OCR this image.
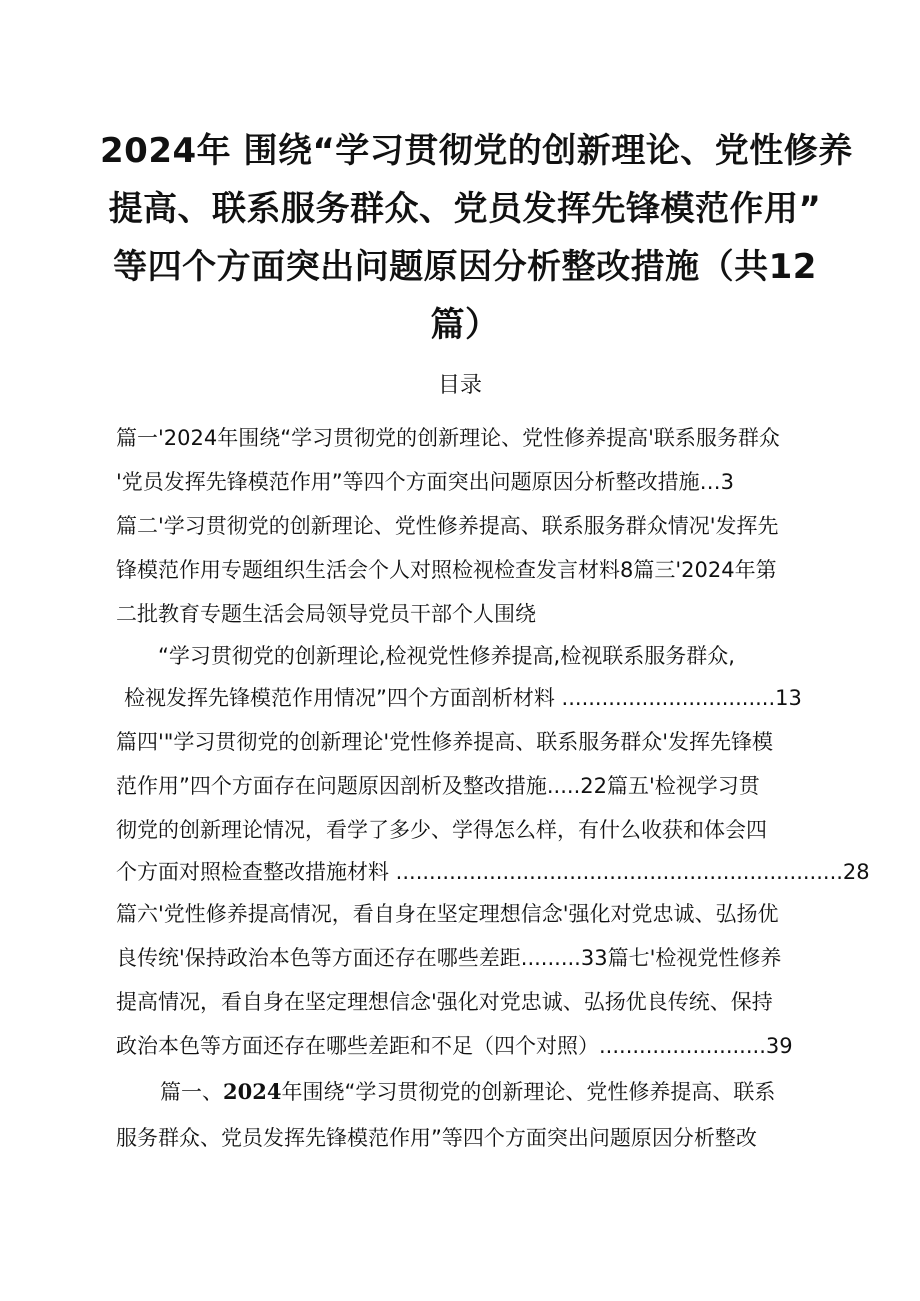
2024年 围绕“学习贯彻党的创新理论、党性修养
提高、联系服务群众、党员发挥先锋模范作用”
等四个方面突出问题原因分析整改措施（共12
篇）
目录
篇一'2024年围绕“学习贯彻党的创新理论、党性修养提高'联系服务群众
'党员发挥先锋模范作用”等四个方面突出问题原因分析整改措施…3
篇二'学习贯彻党的创新理论、党性修养提高、联系服务群众情况'发挥先
锋模范作用专题组织生活会个人对照检视检查发言材料8篇三'2024年第
二批教育专题生活会局领导党员干部个人围绕
“学习贯彻党的创新理论,检视党性修养提高,检视联系服务群众,
检视发挥先锋模范作用情况”四个方面剖析材料 ................................13
篇四'"学习贯彻党的创新理论'党性修养提高、联系服务群众'发挥先锋模
范作用”四个方面存在问题原因剖析及整改措施.....22篇五'检视学习贯
彻党的创新理论情况，看学了多少、学得怎么样，有什么收获和体会四
个方面对照检查整改措施材料 ...................................................................28
篇六'党性修养提高情况，看自身在坚定理想信念'强化对党忠诚、弘扬优
良传统'保持政治本色等方面还存在哪些差距.........33篇七'检视党性修养
提高情况，看自身在坚定理想信念'强化对党忠诚、弘扬优良传统、保持
政治本色等方面还存在哪些差距和不足（四个对照）.........................39
篇一、2024年围绕“学习贯彻党的创新理论、党性修养提高、联系
服务群众、党员发挥先锋模范作用”等四个方面突出问题原因分析整改
